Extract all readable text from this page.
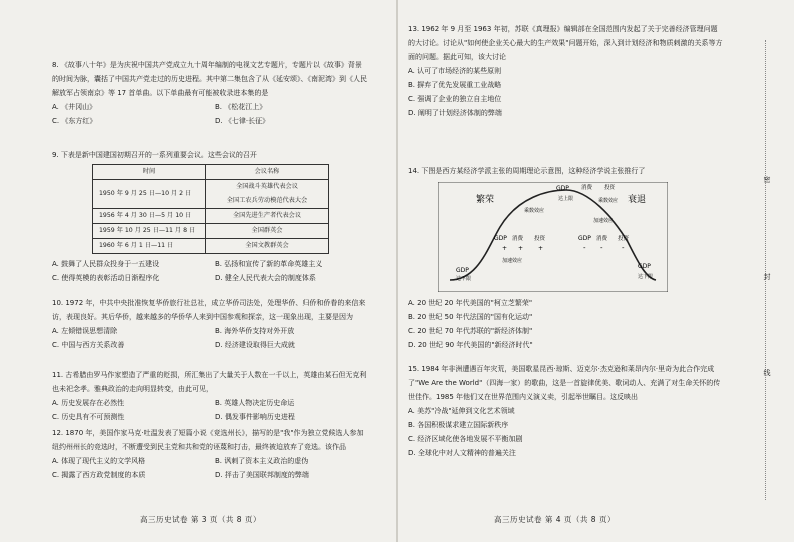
8. 《故事八十年》是为庆祝中国共产党成立九十周年编制的电视文艺专题片，专题片以《故事》背景的时间为脉，囊括了中国共产党走过的历史进程。其中第二集包含了从《延安颂》、《南泥湾》到《人民解放军占领南京》等 17 首单曲。以下单曲最有可能被收录进本集的是

A. 《井冈山》	B. 《松花江上》
C. 《东方红》	D. 《七律·长征》

9. 下表是新中国建国初期召开的一系列重要会议。这些会议的召开

时间	会议名称
1950 年 9 月 25 日—10 月 2 日	全国战斗英雄代表会议
全国工农兵劳动模范代表大会

1956 年 4 月 30 日—5 月 10 日	全国先进生产者代表会议
1959 年 10 月 25 日—11 月 8 日	全国群英会
1960 年 6 月 1 日—11 日	全国文教群英会
A. 鼓舞了人民群众投身于一五建设	B. 弘扬和宣传了新的革命英雄主义
C. 使得英模的表彰活动日渐程序化	D. 健全人民代表大会的制度体系

10. 1972 年，中共中央批准恢复华侨旅行社总社，成立华侨司法处，处理华侨、归侨和侨眷的来信来访，表现良好。其后华侨，越来越多的华侨华人来到中国参观和探亲，这一现象出现，主要是因为

A. 左倾错误思想清除	B. 海外华侨支持对外开放
C. 中国与西方关系改善	D. 经济建设取得巨大成就

11. 古希腊由罗马作家塑造了严重的贬损，所汇集出了大量关于人数在一千以上，英雄由某石但无克利也未祀念孝。雅典政治的走向明显转变，由此可见，

A. 历史发展存在必然性	B. 英雄人物决定历史命运
C. 历史具有不可预测性	D. 偶发事件影响历史进程

12. 1870 年，美国作家马克·吐温发表了短篇小说《竞选州长》，描写的是"我"作为独立党候选人参加纽约州州长的竞选时，不断遭受到民主党和共和党的诬蔑和打击，最终被迫放弃了竞选。该作品

A. 体现了现代主义的文学风格	B. 讽刺了资本主义政治的虚伪
C. 揭露了西方政党制度的本质	D. 抨击了美国联邦制度的弊端
高三历史试卷 第 3 页（共 8 页）

13. 1962 年 9 月至 1963 年初，苏联《真理报》编辑部在全国范围内发起了关于完善经济管理问题的大讨论。讨论从"如何使企业关心最大的生产效果"问题开始，深入到计划经济和物质刺激的关系等方面的问题。据此可知，该大讨论

A. 认可了市场经济的某些原则
B. 摒弃了优先发展重工业战略
C. 强调了企业的独立自主地位
D. 阐明了计划经济体制的弊端

14. 下图是西方某经济学派主张的周期理论示意图，这种经济学说主张推行了

繁荣	衰退
GDP
达上限
消费 投资
乘数效应
乘数效应
GDP 消费 投资
+ + +
加速效应
GDP 消费 投资
- -	-
加速效应
GDP
达下限
GDP
达下限
A. 20 世纪 20 年代美国的"柯立芝繁荣"
B. 20 世纪 50 年代法国的"国有化运动"
C. 20 世纪 70 年代苏联的"新经济体制"
D. 20 世纪 90 年代美国的"新经济时代"

15. 1984 年非洲遭遇百年灾荒，美国歌星昆西·琼斯、迈克尔·杰克逊和莱昂内尔·里奇为此合作完成了"We Are the World"（四海一家）的歌曲，这是一首旋律优美、歌词动人、充满了对生命关怀的传世佳作。1985 年他们又在世界范围内义演义卖，引起举世瞩目。这反映出

A. 美苏"冷战"延伸到文化艺术领域
B. 各国积极谋求建立国际新秩序
C. 经济区域化使各地发展不平衡加剧
D. 全球化中对人文精神的普遍关注
高三历史试卷 第 4 页（共 8 页）
密
封
线
